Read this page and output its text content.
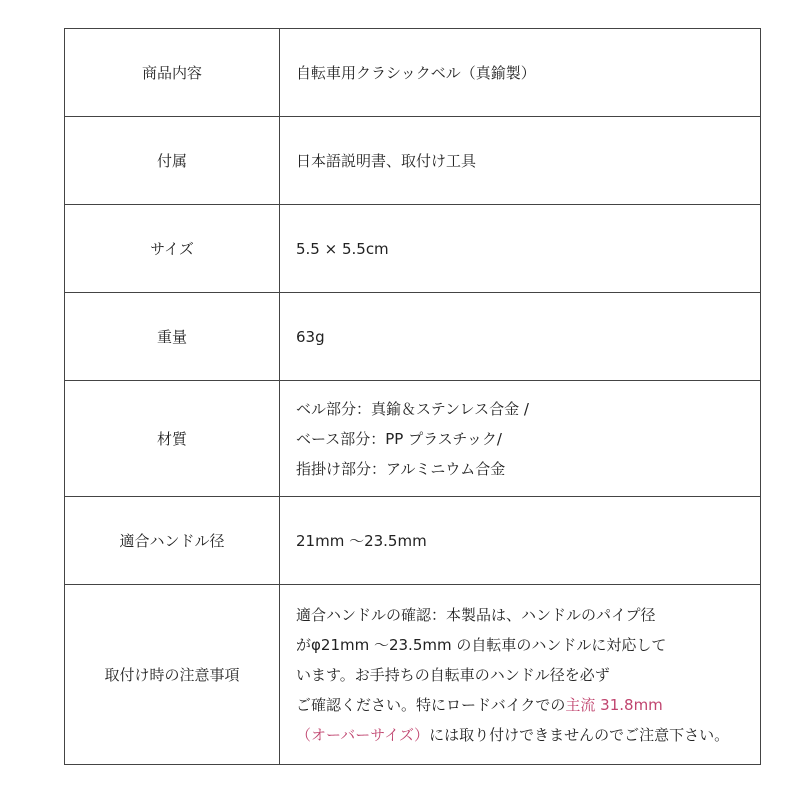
商品内容	自転車用クラシックベル（真鍮製）

付属	日本語説明書、取付け工具

サイズ	5.5 × 5.5cm

重量	63g

材質	ベル部分：真鍮＆ステンレス合金 /
ベース部分：PP プラスチック/
指掛け部分：アルミニウム合金

適合ハンドル径	21mm ～23.5mm

取付け時の注意事項	適合ハンドルの確認：本製品は、ハンドルのパイプ径
がφ21mm ～23.5mm の自転車のハンドルに対応して
います。お手持ちの自転車のハンドル径を必ず
ご確認ください。特にロードバイクでの主流 31.8mm
（オーバーサイズ）には取り付けできませんのでご注意下さい。
